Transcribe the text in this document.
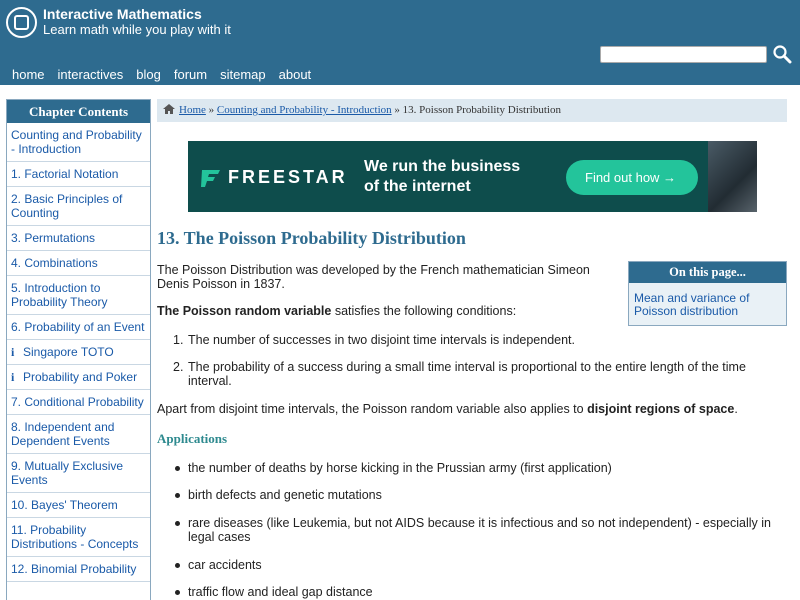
Interactive Mathematics
Learn math while you play with it
home interactives blog forum sitemap about
Chapter Contents
Counting and Probability - Introduction
1. Factorial Notation
2. Basic Principles of Counting
3. Permutations
4. Combinations
5. Introduction to Probability Theory
6. Probability of an Event
i Singapore TOTO
i Probability and Poker
7. Conditional Probability
8. Independent and Dependent Events
9. Mutually Exclusive Events
10. Bayes' Theorem
11. Probability Distributions - Concepts
12. Binomial Probability
Home » Counting and Probability - Introduction » 13. Poisson Probability Distribution
FREESTAR
We run the business
of the internet
Find out how →
13. The Poisson Probability Distribution

The Poisson Distribution was developed by the French mathematician Simeon Denis Poisson in 1837.

The Poisson random variable satisfies the following conditions:

1. The number of successes in two disjoint time intervals is independent.
2. The probability of a success during a small time interval is proportional to the entire length of the time interval.

Apart from disjoint time intervals, the Poisson random variable also applies to disjoint regions of space.

Applications
the number of deaths by horse kicking in the Prussian army (first application)
birth defects and genetic mutations
rare diseases (like Leukemia, but not AIDS because it is infectious and so not independent) - especially in legal cases
car accidents
traffic flow and ideal gap distance
On this page...
Mean and variance of Poisson distribution
